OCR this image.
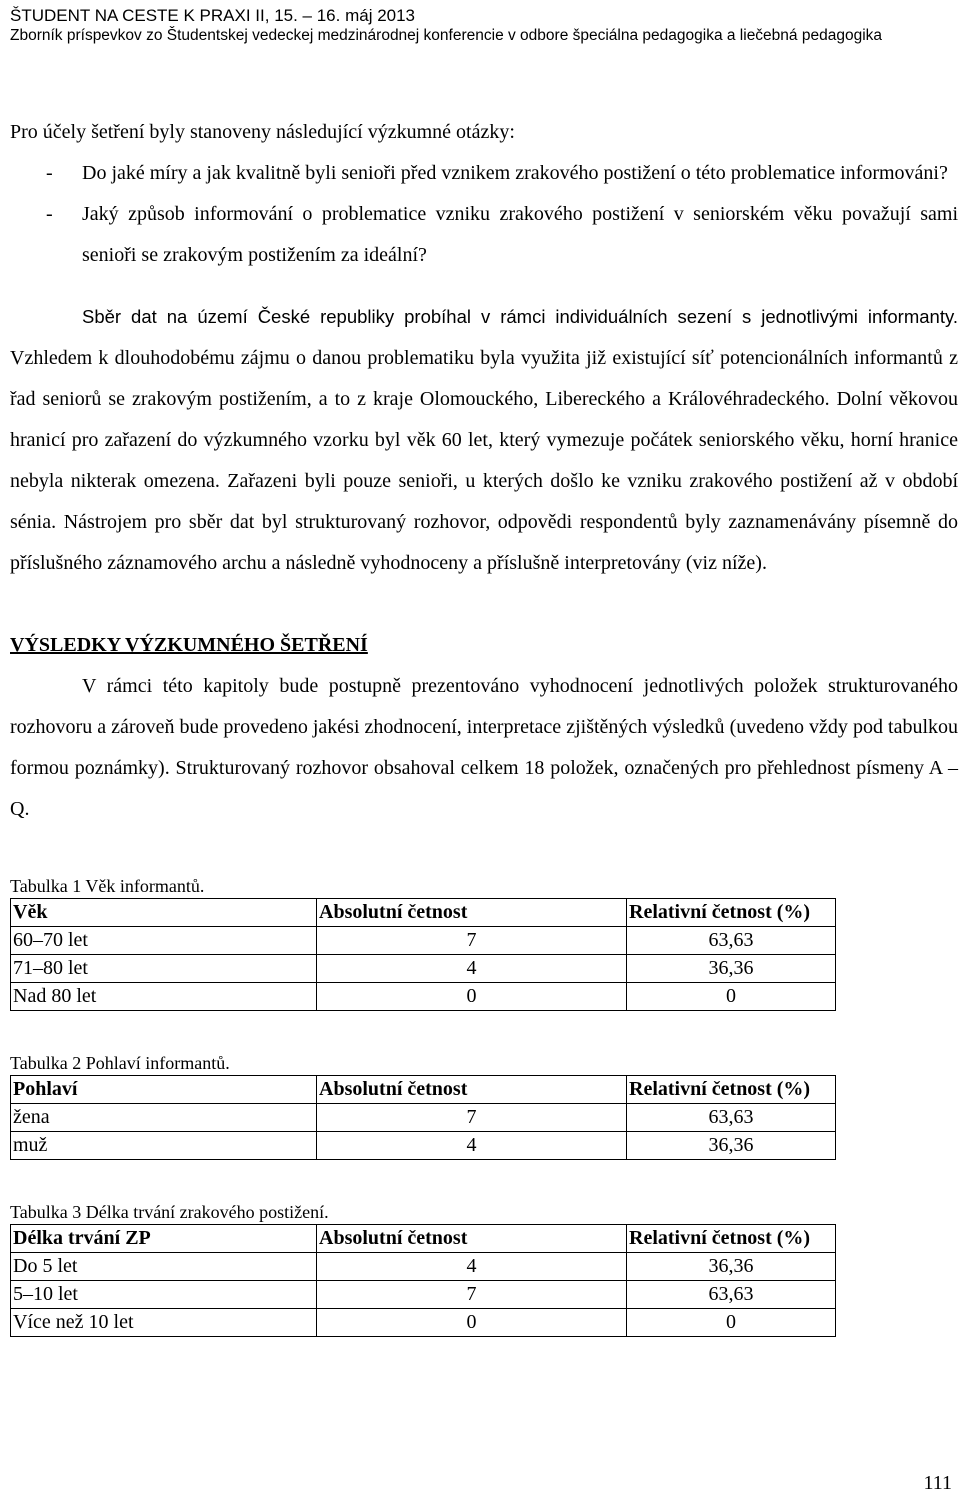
ŠTUDENT NA CESTE K PRAXI II, 15. – 16. máj 2013
Zborník príspevkov zo Študentskej vedeckej medzinárodnej konferencie v odbore špeciálna pedagogika a liečebná pedagogika

Pro účely šetření byly stanoveny následující výzkumné otázky:

- Do jaké míry a jak kvalitně byli senioři před vznikem zrakového postižení o této problematice informováni?
- Jaký způsob informování o problematice vzniku zrakového postižení v seniorském věku považují sami senioři se zrakovým postižením za ideální?

Sběr dat na území České republiky probíhal v rámci individuálních sezení s jednotlivými informanty. Vzhledem k dlouhodobému zájmu o danou problematiku byla využita již existující síť potencionálních informantů z řad seniorů se zrakovým postižením, a to z kraje Olomouckého, Libereckého a Královéhradeckého. Dolní věkovou hranicí pro zařazení do výzkumného vzorku byl věk 60 let, který vymezuje počátek seniorského věku, horní hranice nebyla nikterak omezena. Zařazeni byli pouze senioři, u kterých došlo ke vzniku zrakového postižení až v období sénia. Nástrojem pro sběr dat byl strukturovaný rozhovor, odpovědi respondentů byly zaznamenávány písemně do příslušného záznamového archu a následně vyhodnoceny a příslušně interpretovány (viz níže).

VÝSLEDKY VÝZKUMNÉHO ŠETŘENÍ

V rámci této kapitoly bude postupně prezentováno vyhodnocení jednotlivých položek strukturovaného rozhovoru a zároveň bude provedeno jakési zhodnocení, interpretace zjištěných výsledků (uvedeno vždy pod tabulkou formou poznámky). Strukturovaný rozhovor obsahoval celkem 18 položek, označených pro přehlednost písmeny A – Q.

Tabulka 1 Věk informantů.

Věk	Absolutní četnost	Relativní četnost (%)
60–70 let	7	63,63
71–80 let	4	36,36
Nad 80 let	0	0

Tabulka 2 Pohlaví informantů.

Pohlaví	Absolutní četnost	Relativní četnost (%)
žena	7	63,63
muž	4	36,36

Tabulka 3 Délka trvání zrakového postižení.

Délka trvání ZP	Absolutní četnost	Relativní četnost (%)
Do 5 let	4	36,36
5–10 let	7	63,63
Více než 10 let	0	0
111
